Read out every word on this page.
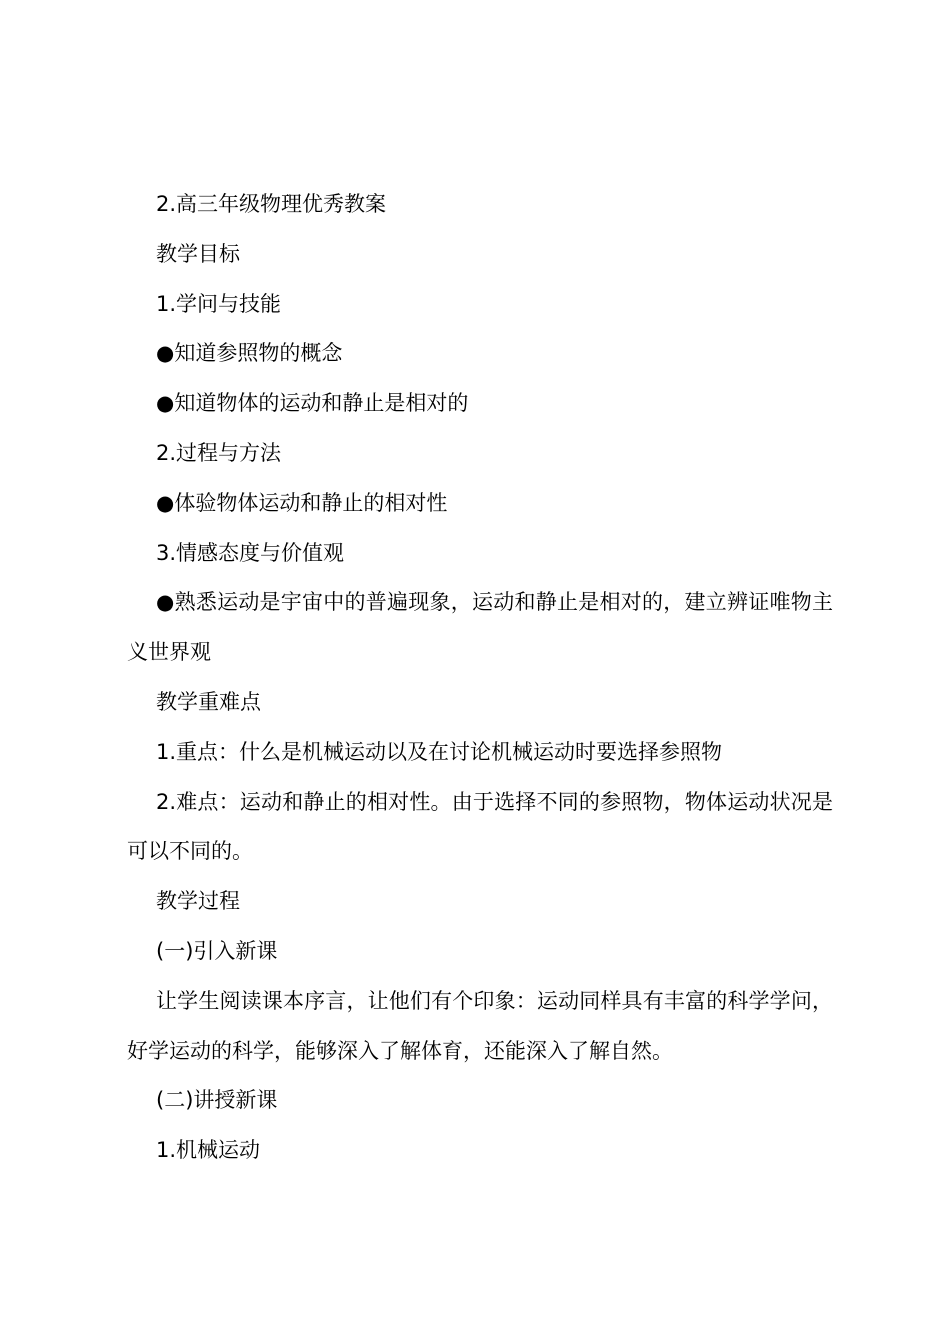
2.高三年级物理优秀教案

教学目标

1.学问与技能

●知道参照物的概念

●知道物体的运动和静止是相对的

2.过程与方法

●体验物体运动和静止的相对性

3.情感态度与价值观

●熟悉运动是宇宙中的普遍现象，运动和静止是相对的，建立辨证唯物主义世界观

教学重难点

1.重点：什么是机械运动以及在讨论机械运动时要选择参照物

2.难点：运动和静止的相对性。由于选择不同的参照物，物体运动状况是可以不同的。

教学过程

(一)引入新课

让学生阅读课本序言，让他们有个印象：运动同样具有丰富的科学学问，好学运动的科学，能够深入了解体育，还能深入了解自然。

(二)讲授新课

1.机械运动
